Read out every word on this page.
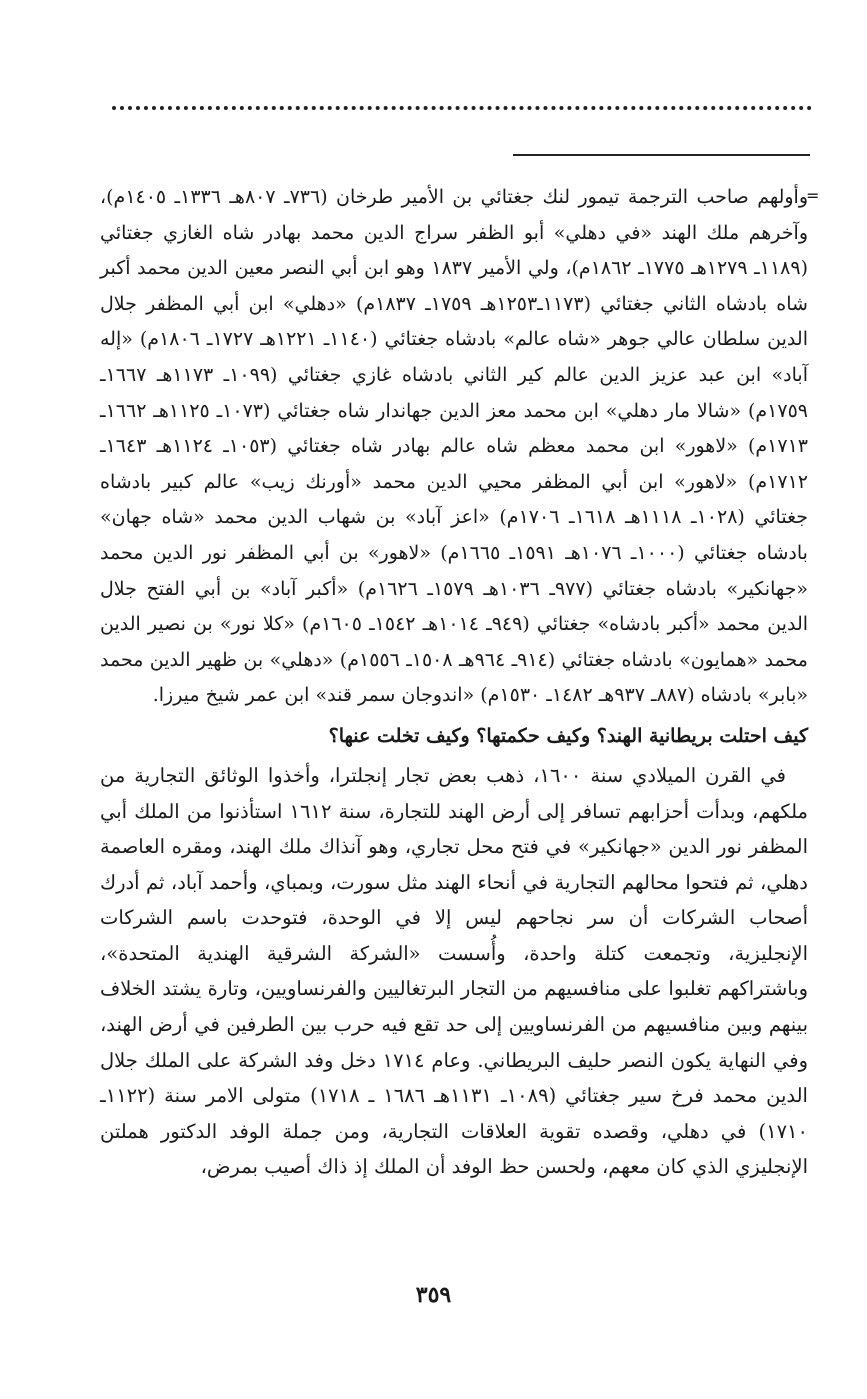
=

وأولهم صاحب الترجمة تيمور لنك جغتائي بن الأمير طرخان (٧٣٦ـ ٨٠٧هـ ١٣٣٦ـ ١٤٠٥م)، وآخرهم ملك الهند «في دهلي» أبو الظفر سراج الدين محمد بهادر شاه الغازي جغتائي (١١٨٩ـ ١٢٧٩هـ ١٧٧٥ـ ١٨٦٢م)، ولي الأمير ١٨٣٧ وهو ابن أبي النصر معين الدين محمد أكبر شاه بادشاه الثاني جغتائي (١١٧٣ـ١٢٥٣هـ ١٧٥٩ـ ١٨٣٧م) «دهلي» ابن أبي المظفر جلال الدين سلطان عالي جوهر «شاه عالم» بادشاه جغتائي (١١٤٠ـ ١٢٢١هـ ١٧٢٧ـ ١٨٠٦م) «إله آباد» ابن عبد عزيز الدين عالم كير الثاني بادشاه غازي جغتائي (١٠٩٩ـ ١١٧٣هـ ١٦٦٧ـ ١٧٥٩م) «شالا مار دهلي» ابن محمد معز الدين جهاندار شاه جغتائي (١٠٧٣ـ ١١٢٥هـ ١٦٦٢ـ ١٧١٣م) «لاهور» ابن محمد معظم شاه عالم بهادر شاه جغتائي (١٠٥٣ـ ١١٢٤هـ ١٦٤٣ـ ١٧١٢م) «لاهور» ابن أبي المظفر محيي الدين محمد «أورنك زيب» عالم كبير بادشاه جغتائي (١٠٢٨ـ ١١١٨هـ ١٦١٨ـ ١٧٠٦م) «اعز آباد» بن شهاب الدين محمد «شاه جهان» بادشاه جغتائي (١٠٠٠ـ ١٠٧٦هـ ١٥٩١ـ ١٦٦٥م) «لاهور» بن أبي المظفر نور الدين محمد «جهانكير» بادشاه جغتائي (٩٧٧ـ ١٠٣٦هـ ١٥٧٩ـ ١٦٢٦م) «أكبر آباد» بن أبي الفتح جلال الدين محمد «أكبر بادشاه» جغتائي (٩٤٩ـ ١٠١٤هـ ١٥٤٢ـ ١٦٠٥م) «كلا نور» بن نصير الدين محمد «همايون» بادشاه جغتائي (٩١٤ـ ٩٦٤هـ ١٥٠٨ـ ١٥٥٦م) «دهلي» بن ظهير الدين محمد «بابر» بادشاه (٨٨٧ـ ٩٣٧هـ ١٤٨٢ـ ١٥٣٠م) «اندوجان سمر قند» ابن عمر شيخ ميرزا.

كيف احتلت بريطانية الهند؟ وكيف حكمتها؟ وكيف تخلت عنها؟

في القرن الميلادي سنة ١٦٠٠، ذهب بعض تجار إنجلترا، وأخذوا الوثائق التجارية من ملكهم، وبدأت أحزابهم تسافر إلى أرض الهند للتجارة، سنة ١٦١٢ استأذنوا من الملك أبي المظفر نور الدين «جهانكير» في فتح محل تجاري، وهو آنذاك ملك الهند، ومقره العاصمة دهلي، ثم فتحوا محالهم التجارية في أنحاء الهند مثل سورت، وبمباي، وأحمد آباد، ثم أدرك أصحاب الشركات أن سر نجاحهم ليس إلا في الوحدة، فتوحدت باسم الشركات الإنجليزية، وتجمعت كتلة واحدة، وأُسست «الشركة الشرقية الهندية المتحدة»، وباشتراكهم تغلبوا على منافسيهم من التجار البرتغاليين والفرنساويين، وتارة يشتد الخلاف بينهم وبين منافسيهم من الفرنساويين إلى حد تقع فيه حرب بين الطرفين في أرض الهند، وفي النهاية يكون النصر حليف البريطاني. وعام ١٧١٤ دخل وفد الشركة على الملك جلال الدين محمد فرخ سير جغتائي (١٠٨٩ـ ١١٣١هـ ١٦٨٦ ـ ١٧١٨) متولى الامر سنة (١١٢٢ـ ١٧١٠) في دهلي، وقصده تقوية العلاقات التجارية، ومن جملة الوفد الدكتور هملتن الإنجليزي الذي كان معهم، ولحسن حظ الوفد أن الملك إذ ذاك أصيب بمرض،

٣٥٩
